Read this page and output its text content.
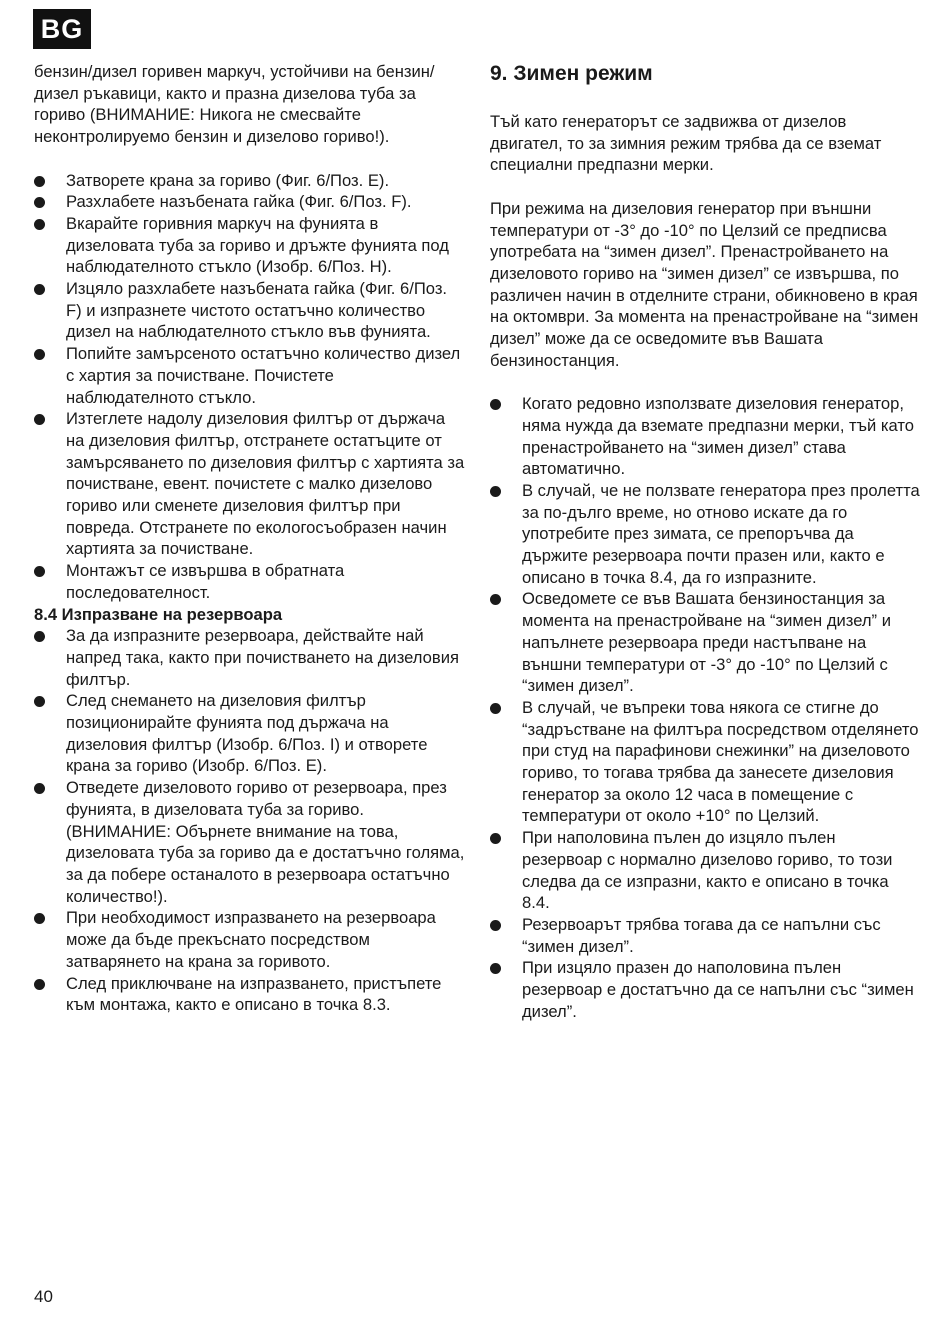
BG

бензин/дизел горивен маркуч, устойчиви на бензин/дизел ръкавици, както и празна дизелова туба за гориво (ВНИМАНИЕ: Никога не смесвайте неконтролируемо бензин и дизелово гориво!).

Затворете крана за гориво (Фиг. 6/Поз. E).
Разхлабете назъбената гайка (Фиг. 6/Поз. F).
Вкарайте горивния маркуч на фунията в дизеловата туба за гориво и дръжте фунията под наблюдателното стъкло (Изобр. 6/Поз. H).
Изцяло разхлабете назъбената гайка (Фиг. 6/Поз. F) и изпразнете чистото остатъчно количество дизел на наблюдателното стъкло във фунията.
Попийте замърсеното остатъчно количество дизел с хартия за почистване. Почистете наблюдателното стъкло.
Изтеглете надолу дизеловия филтър от държача на дизеловия филтър, отстранете остатъците от замърсяването по дизеловия филтър с хартията за почистване, евент. почистете с малко дизелово гориво или сменете дизеловия филтър при повреда. Отстранете по екологосъобразен начин хартията за почистване.
Монтажът се извършва в обратната последователност.
8.4 Изпразване на резервоара
За да изпразните резервоара, действайте най напред така, както при почистването на дизеловия филтър.
След снемането на дизеловия филтър позиционирайте фунията под държача на дизеловия филтър (Изобр. 6/Поз. I) и отворете крана за гориво (Изобр. 6/Поз. E).
Отведете дизеловото гориво от резервоара, през фунията, в дизеловата туба за гориво. (ВНИМАНИЕ: Обърнете внимание на това, дизеловата туба за гориво да е достатъчно голяма, за да побере останалото в резервоара остатъчно количество!).
При необходимост изпразването на резервоара може да бъде прекъснато посредством затварянето на крана за горивото.
След приключване на изпразването, пристъпете към монтажа, както е описано в точка 8.3.
9. Зимен режим

Тъй като генераторът се задвижва от дизелов двигател, то за зимния режим трябва да се вземат специални предпазни мерки.

При режима на дизеловия генератор при външни температури от -3° до -10° по Целзий се предписва употребата на “зимен дизел”. Пренастройването на дизеловото гориво на “зимен дизел” се извършва, по различен начин в отделните страни, обикновено в края на октомври. За момента на пренастройване на “зимен дизел” може да се осведомите във Вашата бензиностанция.

Когато редовно използвате дизеловия генератор, няма нужда да вземате предпазни мерки, тъй като пренастройването на “зимен дизел” става автоматично.
В случай, че не ползвате генератора през пролетта за по-дълго време, но отново искате да го употребите през зимата, се препоръчва да държите резервоара почти празен или, както е описано в точка 8.4, да го изпразните.
Осведомете се във Вашата бензиностанция за момента на пренастройване на “зимен дизел” и напълнете резервоара преди настъпване на външни температури от -3° до -10° по Целзий с “зимен дизел”.
В случай, че въпреки това някога се стигне до “задръстване на филтъра посредством отделянето при студ на парафинови снежинки” на дизеловото гориво, то тогава трябва да занесете дизеловия генератор за около 12 часа в помещение с температури от около +10° по Целзий.
При наполовина пълен до изцяло пълен резервоар с нормално дизелово гориво, то този следва да се изпразни, както е описано в точка 8.4.
Резервоарът трябва тогава да се напълни със “зимен дизел”.
При изцяло празен до наполовина пълен резервоар е достатъчно да се напълни със “зимен дизел”.
40
